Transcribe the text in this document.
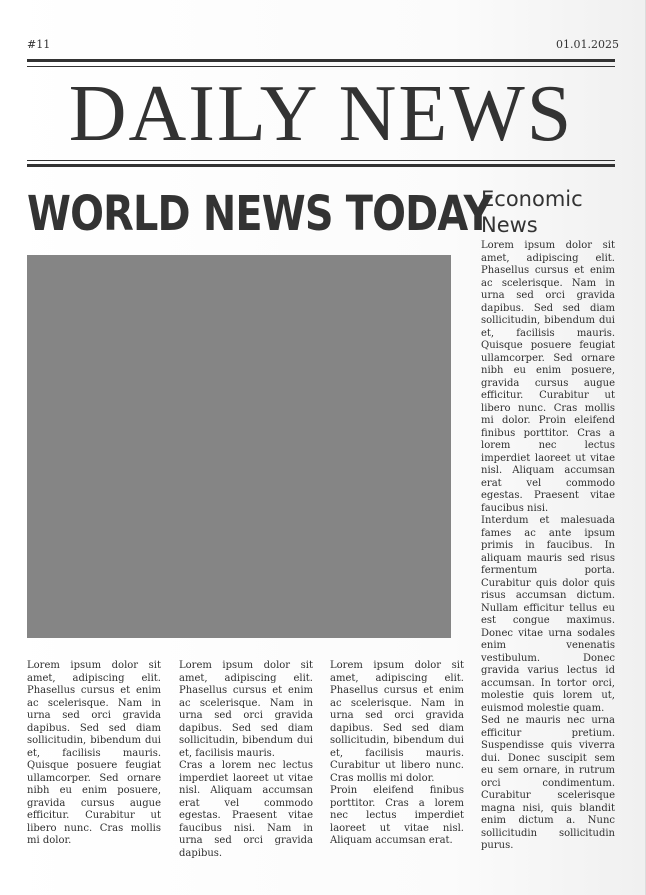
#11	01.01.2025
DAILY NEWS
WORLD NEWS TODAY

Lorem ipsum dolor sit amet, adipiscing elit. Phasellus cursus et enim ac scelerisque. Nam in urna sed orci gravida dapibus. Sed sed diam sollicitudin, bibendum dui et, facilisis mauris. Quisque posuere feugiat ullamcorper. Sed ornare nibh eu enim posuere, gravida cursus augue efficitur. Curabitur ut libero nunc. Cras mollis mi dolor.

Lorem ipsum dolor sit amet, adipiscing elit. Phasellus cursus et enim ac scelerisque. Nam in urna sed orci gravida dapibus. Sed sed diam sollicitudin, bibendum dui et, facilisis mauris.

Cras a lorem nec lectus imperdiet laoreet ut vitae nisl. Aliquam accumsan erat vel commodo egestas. Praesent vitae faucibus nisi. Nam in urna sed orci gravida dapibus.

Lorem ipsum dolor sit amet, adipiscing elit. Phasellus cursus et enim ac scelerisque. Nam in urna sed orci gravida dapibus. Sed sed diam sollicitudin, bibendum dui et, facilisis mauris. Curabitur ut libero nunc. Cras mollis mi dolor.

Proin eleifend finibus porttitor. Cras a lorem nec lectus imperdiet laoreet ut vitae nisl. Aliquam accumsan erat.

Economic News

Lorem ipsum dolor sit amet, adipiscing elit. Phasellus cursus et enim ac scelerisque. Nam in urna sed orci gravida dapibus. Sed sed diam sollicitudin, bibendum dui et, facilisis mauris. Quisque posuere feugiat ullamcorper. Sed ornare nibh eu enim posuere, gravida cursus augue efficitur. Curabitur ut libero nunc. Cras mollis mi dolor. Proin eleifend finibus porttitor. Cras a lorem nec lectus imperdiet laoreet ut vitae nisl. Aliquam accumsan erat vel commodo egestas. Praesent vitae faucibus nisi.

Interdum et malesuada fames ac ante ipsum primis in faucibus. In aliquam mauris sed risus fermentum porta. Curabitur quis dolor quis risus accumsan dictum. Nullam efficitur tellus eu est congue maximus. Donec vitae urna sodales enim venenatis vestibulum. Donec gravida varius lectus id accumsan. In tortor orci, molestie quis lorem ut, euismod molestie quam.

Sed ne mauris nec urna efficitur pretium. Suspendisse quis viverra dui. Donec suscipit sem eu sem ornare, in rutrum orci condimentum. Curabitur scelerisque magna nisi, quis blandit enim dictum a. Nunc sollicitudin sollicitudin purus.
